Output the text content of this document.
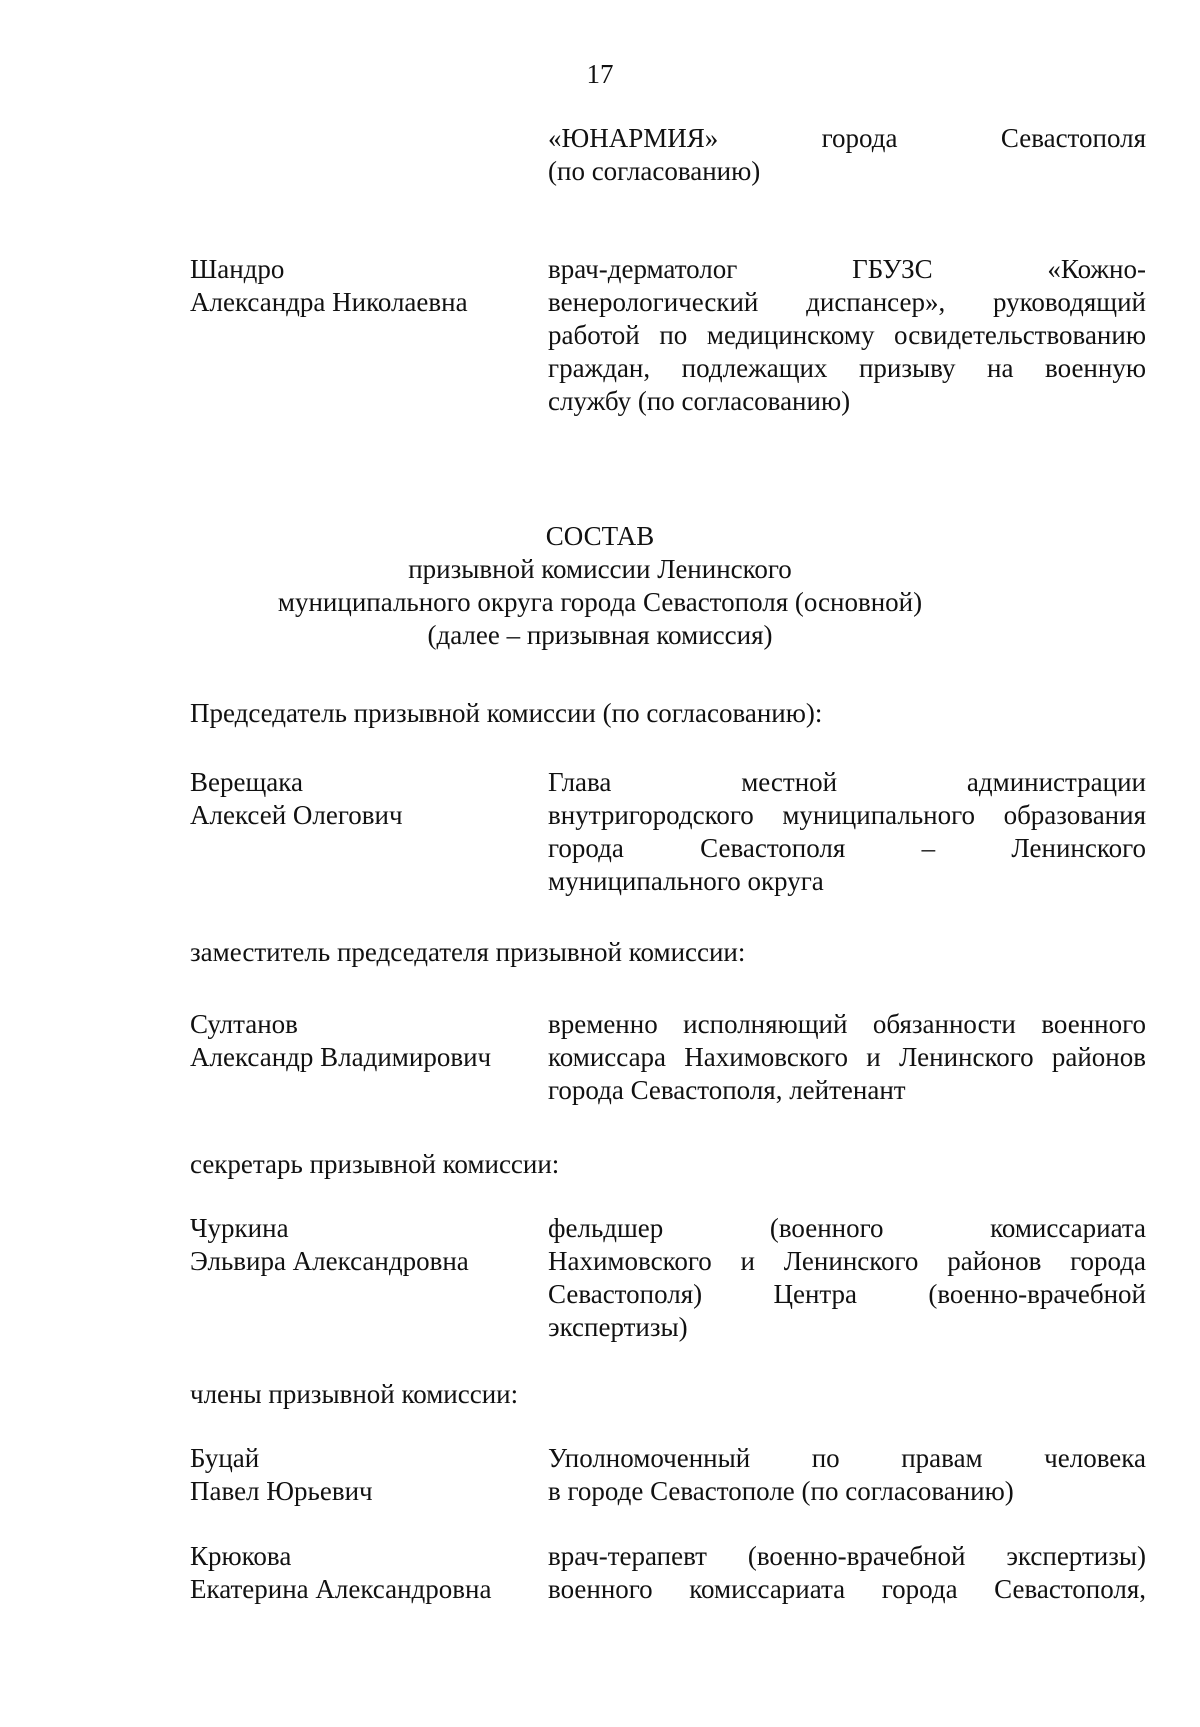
17
«ЮНАРМИЯ» города Севастополя
(по согласованию)
Шандро
Александра Николаевна
врач-дерматолог ГБУЗС «Кожно-
венерологический диспансер», руководящий
работой по медицинскому освидетельствованию
граждан, подлежащих призыву на военную
службу (по согласованию)
СОСТАВ
призывной комиссии Ленинского
муниципального округа города Севастополя (основной)
(далее – призывная комиссия)
Председатель призывной комиссии (по согласованию):
Верещака
Алексей Олегович
Глава местной администрации
внутригородского муниципального образования
города Севастополя – Ленинского
муниципального округа
заместитель председателя призывной комиссии:
Султанов
Александр Владимирович
временно исполняющий обязанности военного
комиссара Нахимовского и Ленинского районов
города Севастополя, лейтенант
секретарь призывной комиссии:
Чуркина
Эльвира Александровна
фельдшер (военного комиссариата
Нахимовского и Ленинского районов города
Севастополя) Центра (военно-врачебной
экспертизы)
члены призывной комиссии:
Буцай
Павел Юрьевич
Уполномоченный по правам человека
в городе Севастополе (по согласованию)
Крюкова
Екатерина Александровна
врач-терапевт (военно-врачебной экспертизы)
военного комиссариата города Севастополя,
